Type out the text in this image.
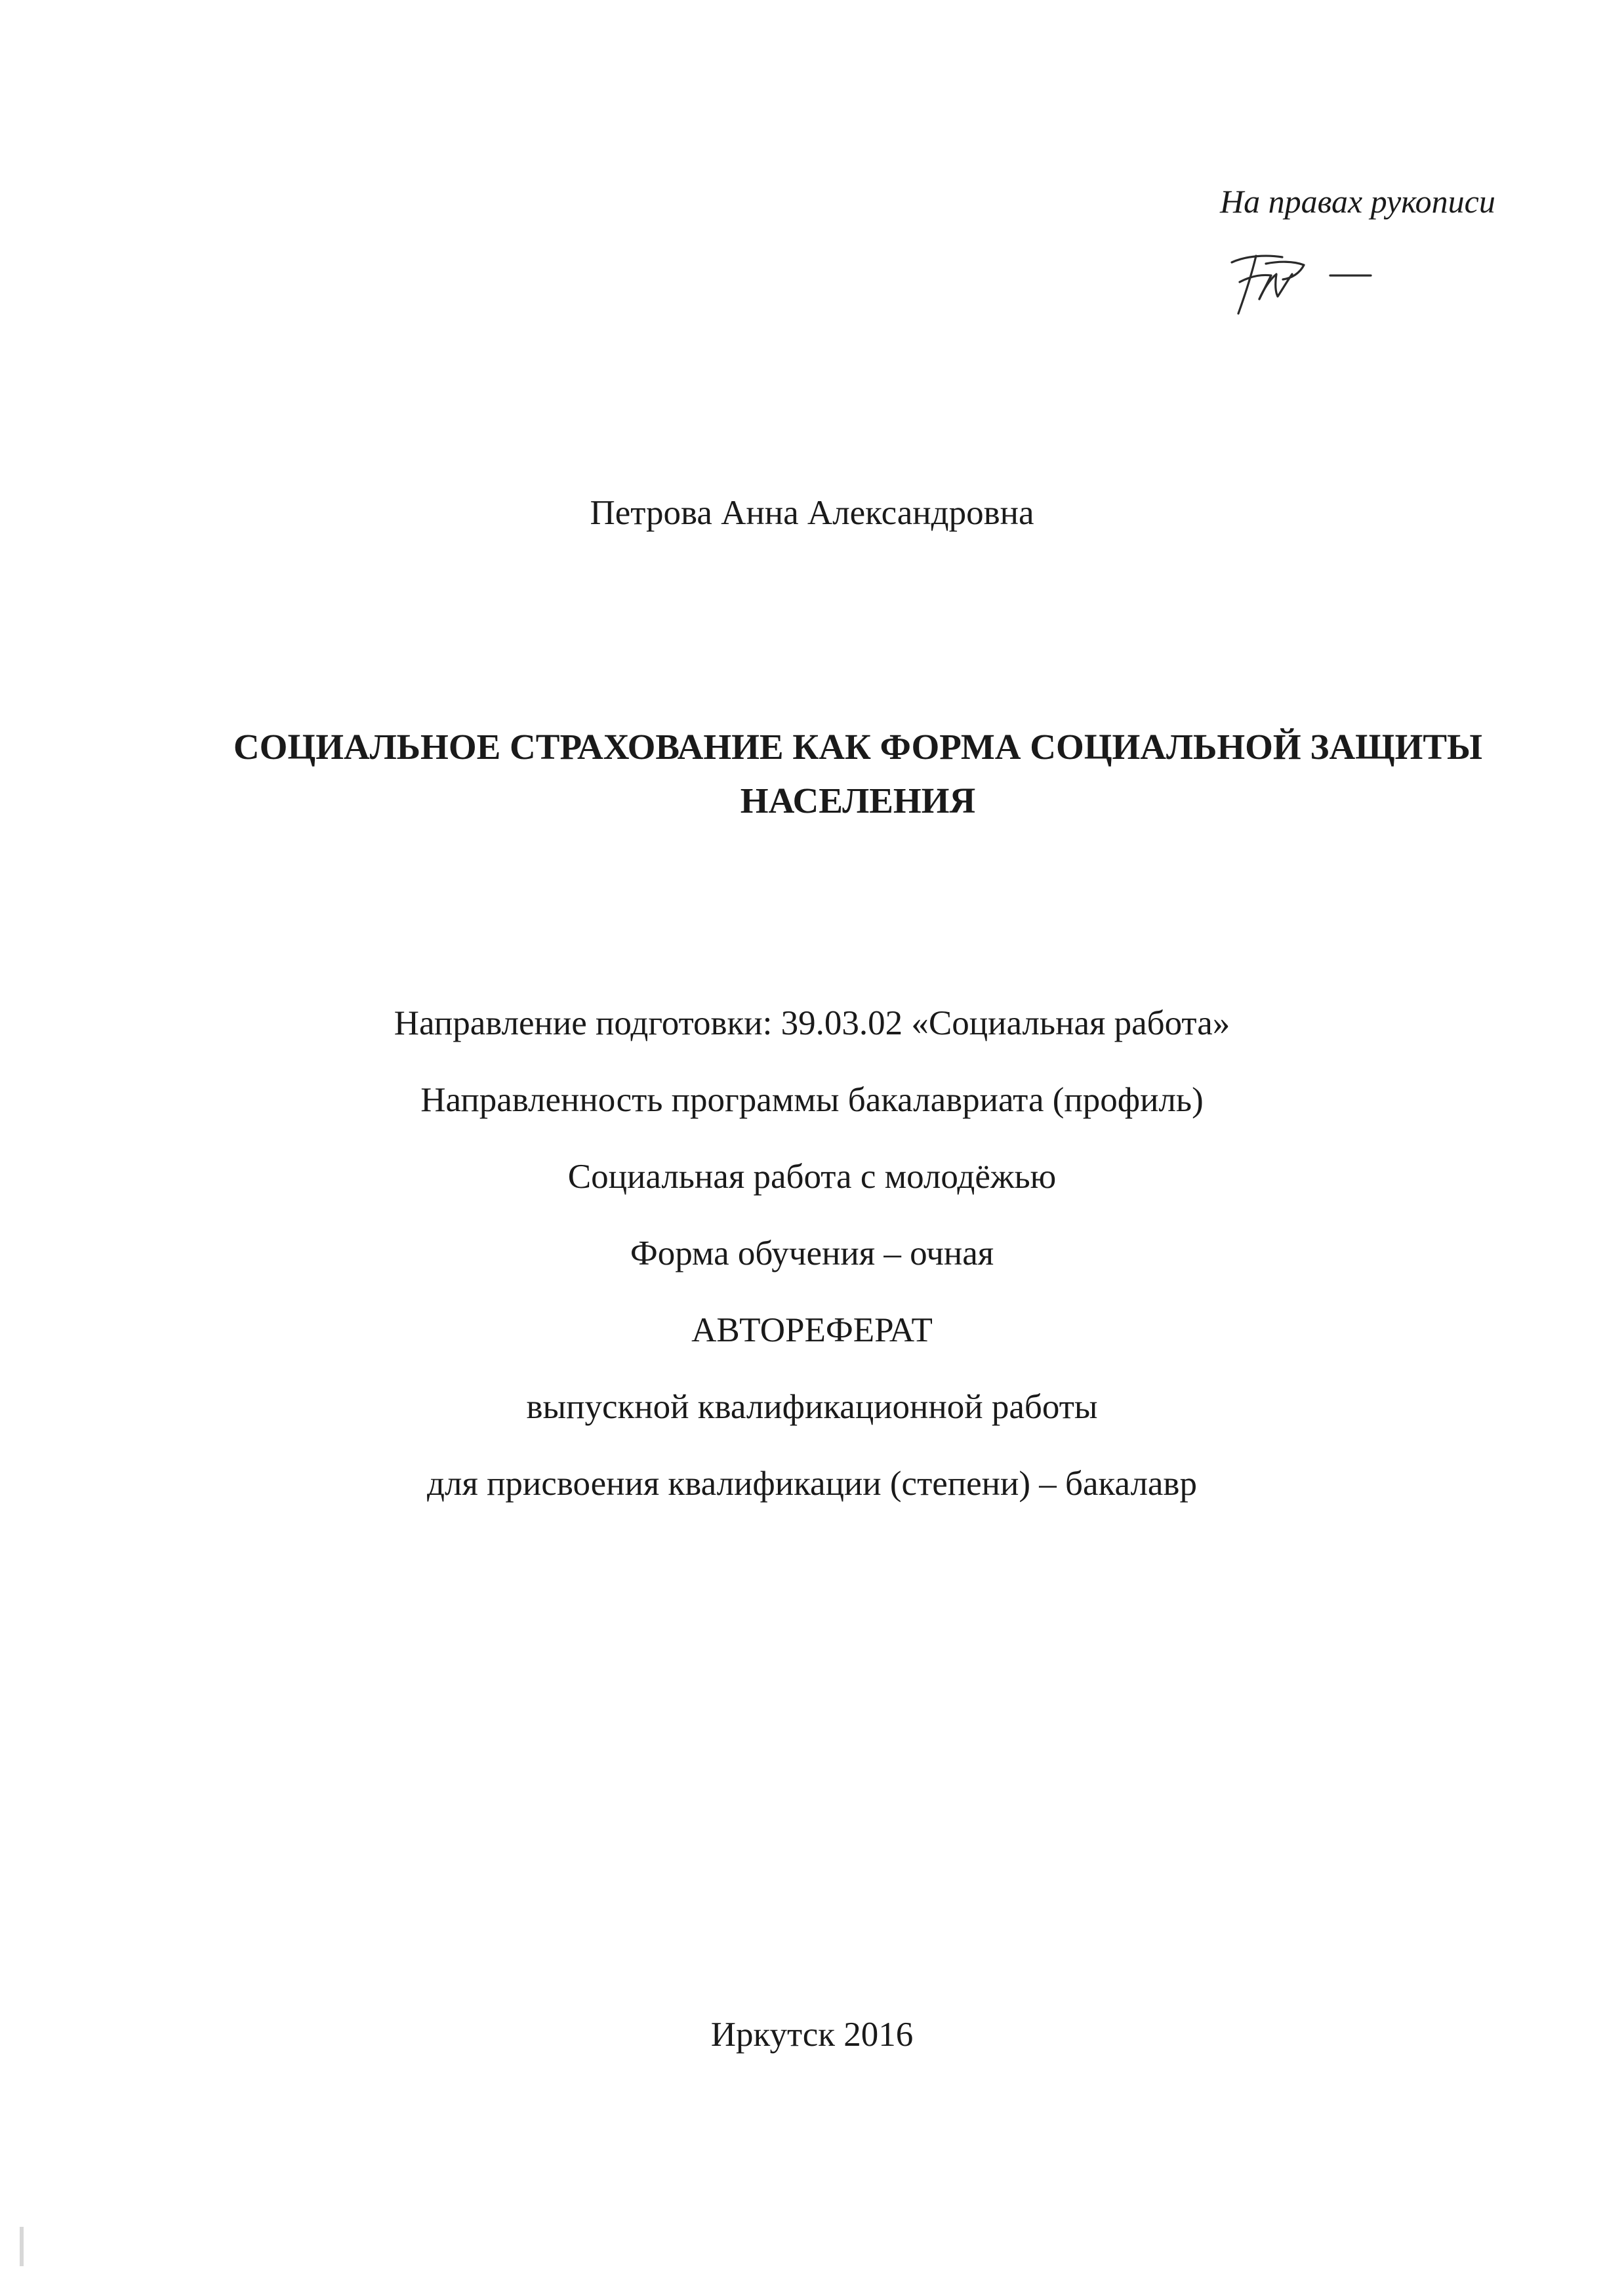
На правах рукописи
Петрова Анна Александровна
СОЦИАЛЬНОЕ СТРАХОВАНИЕ КАК ФОРМА СОЦИАЛЬНОЙ ЗАЩИТЫ
НАСЕЛЕНИЯ
Направление подготовки: 39.03.02 «Социальная работа»
Направленность программы бакалавриата (профиль)
Социальная работа с молодёжью
Форма обучения – очная
АВТОРЕФЕРАТ
выпускной квалификационной работы
для присвоения квалификации (степени) – бакалавр
Иркутск 2016
